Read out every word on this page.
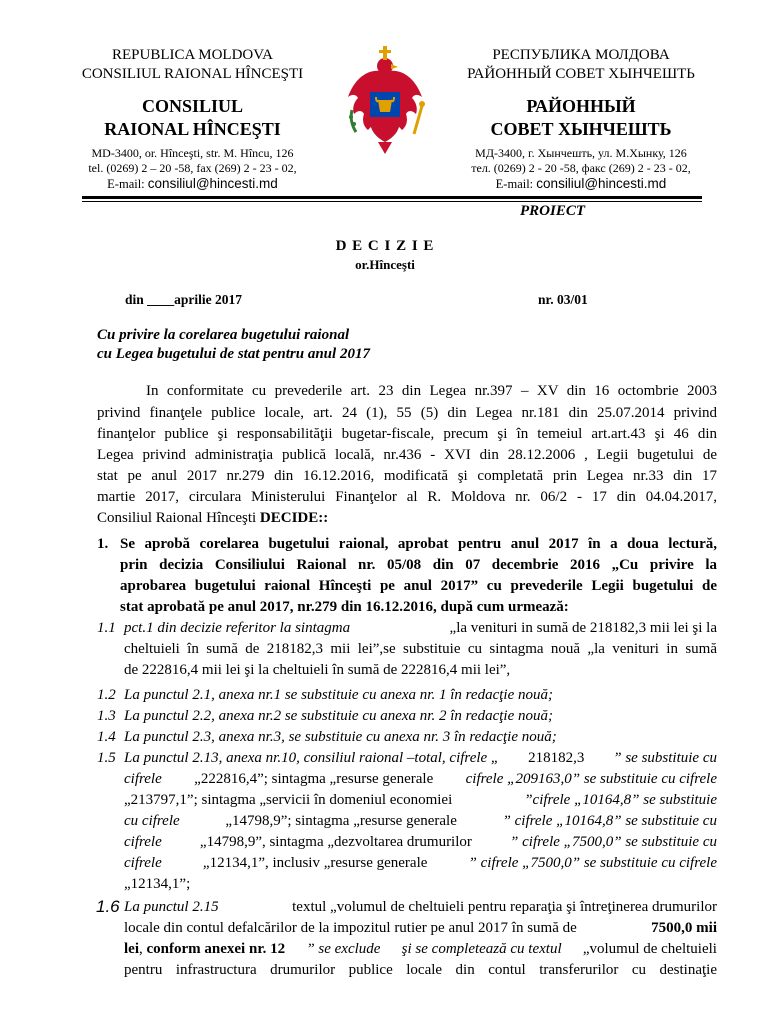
REPUBLICA MOLDOVA
CONSILIUL RAIONAL HÎNCEŞTI
CONSILIUL
RAIONAL HÎNCEŞTI
MD-3400, or. Hînceşti, str. M. Hîncu, 126
tel. (0269) 2 – 20 -58, fax (269) 2 - 23 - 02,
E-mail: consiliul@hincesti.md
РЕСПУБЛИКА МОЛДОВА
РАЙОННЫЙ СОВЕТ ХЫНЧЕШТЬ
РАЙОННЫЙ
СОВЕТ ХЫНЧЕШТЬ
МД-3400, г. Хынчешть, ул. М.Хынку, 126
тел. (0269) 2 - 20 -58, факс (269) 2 - 23 - 02,
E-mail: consiliul@hincesti.md
PROIECT
D E C I Z I E
or.Hînceşti
din ____aprilie 2017	nr. 03/01
Cu privire la corelarea bugetului raional
cu Legea bugetului de stat pentru anul 2017
In conformitate cu prevederile art. 23 din Legea nr.397 – XV din 16 octombrie 2003
privind finanţele publice locale, art. 24 (1), 55 (5) din Legea nr.181 din 25.07.2014 privind
finanţelor publice şi responsabilităţii bugetar-fiscale, precum şi în temeiul art.art.43 şi 46 din
Legea privind administraţia publică locală, nr.436 - XVI din 28.12.2006 , Legii bugetului de
stat pe anul 2017 nr.279 din 16.12.2016, modificată şi completată prin Legea nr.33 din 17
martie 2017, circulara Ministerului Finanţelor al R. Moldova nr. 06/2 - 17 din 04.04.2017,
Consiliul Raional Hînceşti DECIDE::
1. Se aprobă corelarea bugetului raional, aprobat pentru anul 2017 în a doua lectură,
prin decizia Consiliului Raional nr. 05/08 din 07 decembrie 2016 „Cu privire la
aprobarea bugetului raional Hînceşti pe anul 2017” cu prevederile Legii bugetului de
stat aprobată pe anul 2017, nr.279 din 16.12.2016, după cum urmează:
1.1 pct.1 din decizie referitor la sintagma	„la venituri in sumă de 218182,3 mii lei şi la
cheltuieli în sumă de 218182,3 mii lei”,se substituie cu sintagma nouă „la venituri in sumă
de 222816,4 mii lei şi la cheltuieli în sumă de 222816,4 mii lei”,
1.2 La punctul 2.1, anexa nr.1 se substituie cu anexa nr. 1 în redacţie nouă;
1.3 La punctul 2.2, anexa nr.2 se substituie cu anexa nr. 2 în redacţie nouă;
1.4 La punctul 2.3, anexa nr.3, se substituie cu anexa nr. 3 în redacţie nouă;
1.5 La punctul 2.13, anexa nr.10, consiliul raional –total, cifrele „ 218182,3 ” se substituie cu
cifrele „222816,4”; sintagma „resurse generale cifrele „209163,0” se substituie cu cifrele
„213797,1”; sintagma „servicii în domeniul economiei	”cifrele „10164,8” se substituie
cu cifrele	„14798,9”; sintagma „resurse generale	” cifrele „10164,8” se substituie cu
cifrele	„14798,9”, sintagma „dezvoltarea drumurilor	” cifrele „7500,0” se substituie cu
cifrele	„12134,1”, inclusiv „resurse generale	” cifrele „7500,0” se substituie cu cifrele
„12134,1”;
1.6 La punctul 2.15	textul „volumul de cheltuieli pentru reparaţia şi întreţinerea drumurilor
locale din contul defalcărilor de la impozitul rutier pe anul 2017 în sumă de	7500,0 mii
lei, conform anexei nr. 12 ” se exclude şi se completează cu textul „volumul de cheltuieli
pentru infrastructura drumurilor publice locale din contul transferurilor cu destinaţie
